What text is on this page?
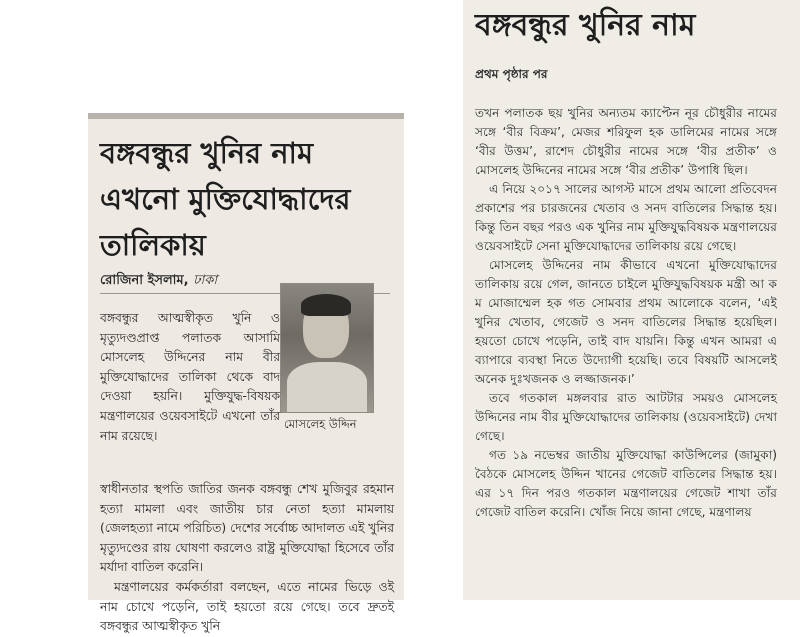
বঙ্গবন্ধুর খুনির নাম
এখনো মুক্তিযোদ্ধাদের
তালিকায়
রোজিনা ইসলাম, ঢাকা
মোসলেহ উদ্দিন

বঙ্গবন্ধুর আত্মস্বীকৃত খুনি ও মৃত্যুদণ্ডপ্রাপ্ত পলাতক আসামি মোসলেহ উদ্দিনের নাম বীর মুক্তিযোদ্ধাদের তালিকা থেকে বাদ দেওয়া হয়নি। মুক্তিযুদ্ধ-বিষয়ক মন্ত্রণালয়ের ওয়েবসাইটে এখনো তাঁর নাম রয়েছে।

স্বাধীনতার স্থপতি জাতির জনক বঙ্গবন্ধু শেখ মুজিবুর রহমান হত্যা মামলা এবং জাতীয় চার নেতা হত্যা মামলায় (জেলহত্যা নামে পরিচিত) দেশের সর্বোচ্চ আদালত এই খুনির মৃত্যুদণ্ডের রায় ঘোষণা করলেও রাষ্ট্র মুক্তিযোদ্ধা হিসেবে তাঁর মর্যাদা বাতিল করেনি।

মন্ত্রণালয়ের কর্মকর্তারা বলছেন, এতে নামের ভিড়ে ওই নাম চোখে পড়েনি, তাই হয়তো রয়ে গেছে। তবে দ্রুতই বঙ্গবন্ধুর আত্মস্বীকৃত খুনি

বঙ্গবন্ধুর খুনির নাম
প্রথম পৃষ্ঠার পর

তখন পলাতক ছয় খুনির অন্যতম ক্যাপ্টেন নূর চৌধুরীর নামের সঙ্গে ‘বীর বিক্রম’, মেজর শরিফুল হক ডালিমের নামের সঙ্গে ‘বীর উত্তম’, রাশেদ চৌধুরীর নামের সঙ্গে ‘বীর প্রতীক’ ও মোসলেহ উদ্দিনের নামের সঙ্গে ‘বীর প্রতীক’ উপাধি ছিল।

এ নিয়ে ২০১৭ সালের আগস্ট মাসে প্রথম আলো প্রতিবেদন প্রকাশের পর চারজনের খেতাব ও সনদ বাতিলের সিদ্ধান্ত হয়। কিন্তু তিন বছর পরও এক খুনির নাম মুক্তিযুদ্ধবিষয়ক মন্ত্রণালয়ের ওয়েবসাইটে সেনা মুক্তিযোদ্ধাদের তালিকায় রয়ে গেছে।

মোসলেহ উদ্দিনের নাম কীভাবে এখনো মুক্তিযোদ্ধাদের তালিকায় রয়ে গেল, জানতে চাইলে মুক্তিযুদ্ধবিষয়ক মন্ত্রী আ ক ম মোজাম্মেল হক গত সোমবার প্রথম আলোকে বলেন, ‘এই খুনির খেতাব, গেজেট ও সনদ বাতিলের সিদ্ধান্ত হয়েছিল। হয়তো চোখে পড়েনি, তাই বাদ যায়নি। কিন্তু এখন আমরা এ ব্যাপারে ব্যবস্থা নিতে উদ্যোগী হয়েছি। তবে বিষয়টি আসলেই অনেক দুঃখজনক ও লজ্জাজনক।’

তবে গতকাল মঙ্গলবার রাত আটটার সময়ও মোসলেহ উদ্দিনের নাম বীর মুক্তিযোদ্ধাদের তালিকায় (ওয়েবসাইটে) দেখা গেছে।

গত ১৯ নভেম্বর জাতীয় মুক্তিযোদ্ধা কাউন্সিলের (জামুকা) বৈঠকে মোসলেহ উদ্দিন খানের গেজেট বাতিলের সিদ্ধান্ত হয়। এর ১৭ দিন পরও গতকাল মন্ত্রণালয়ের গেজেট শাখা তাঁর গেজেট বাতিল করেনি। খোঁজ নিয়ে জানা গেছে, মন্ত্রণালয়
